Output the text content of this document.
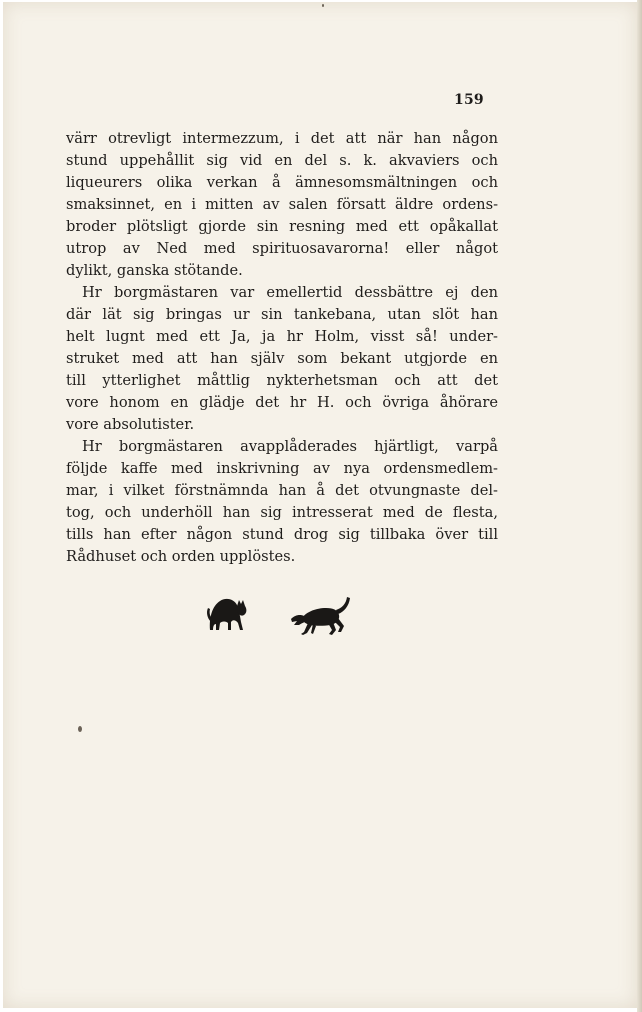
159
värr otrevligt intermezzum, i det att när han någon
stund uppehållit sig vid en del s. k. akvaviers och
liqueurers olika verkan å ämnesomsmältningen och
smaksinnet, en i mitten av salen försatt äldre ordens-
broder plötsligt gjorde sin resning med ett opåkallat
utrop av Ned med spirituosavarorna! eller något
dylikt, ganska stötande.
Hr borgmästaren var emellertid dessbättre ej den
där lät sig bringas ur sin tankebana, utan slöt han
helt lugnt med ett Ja, ja hr Holm, visst så! under-
struket med att han själv som bekant utgjorde en
till ytterlighet måttlig nykterhetsman och att det
vore honom en glädje det hr H. och övriga åhörare
vore absolutister.
Hr borgmästaren avapplåderades hjärtligt, varpå
följde kaffe med inskrivning av nya ordensmedlem-
mar, i vilket förstnämnda han å det otvungnaste del-
tog, och underhöll han sig intresserat med de flesta,
tills han efter någon stund drog sig tillbaka över till
Rådhuset och orden upplöstes.
